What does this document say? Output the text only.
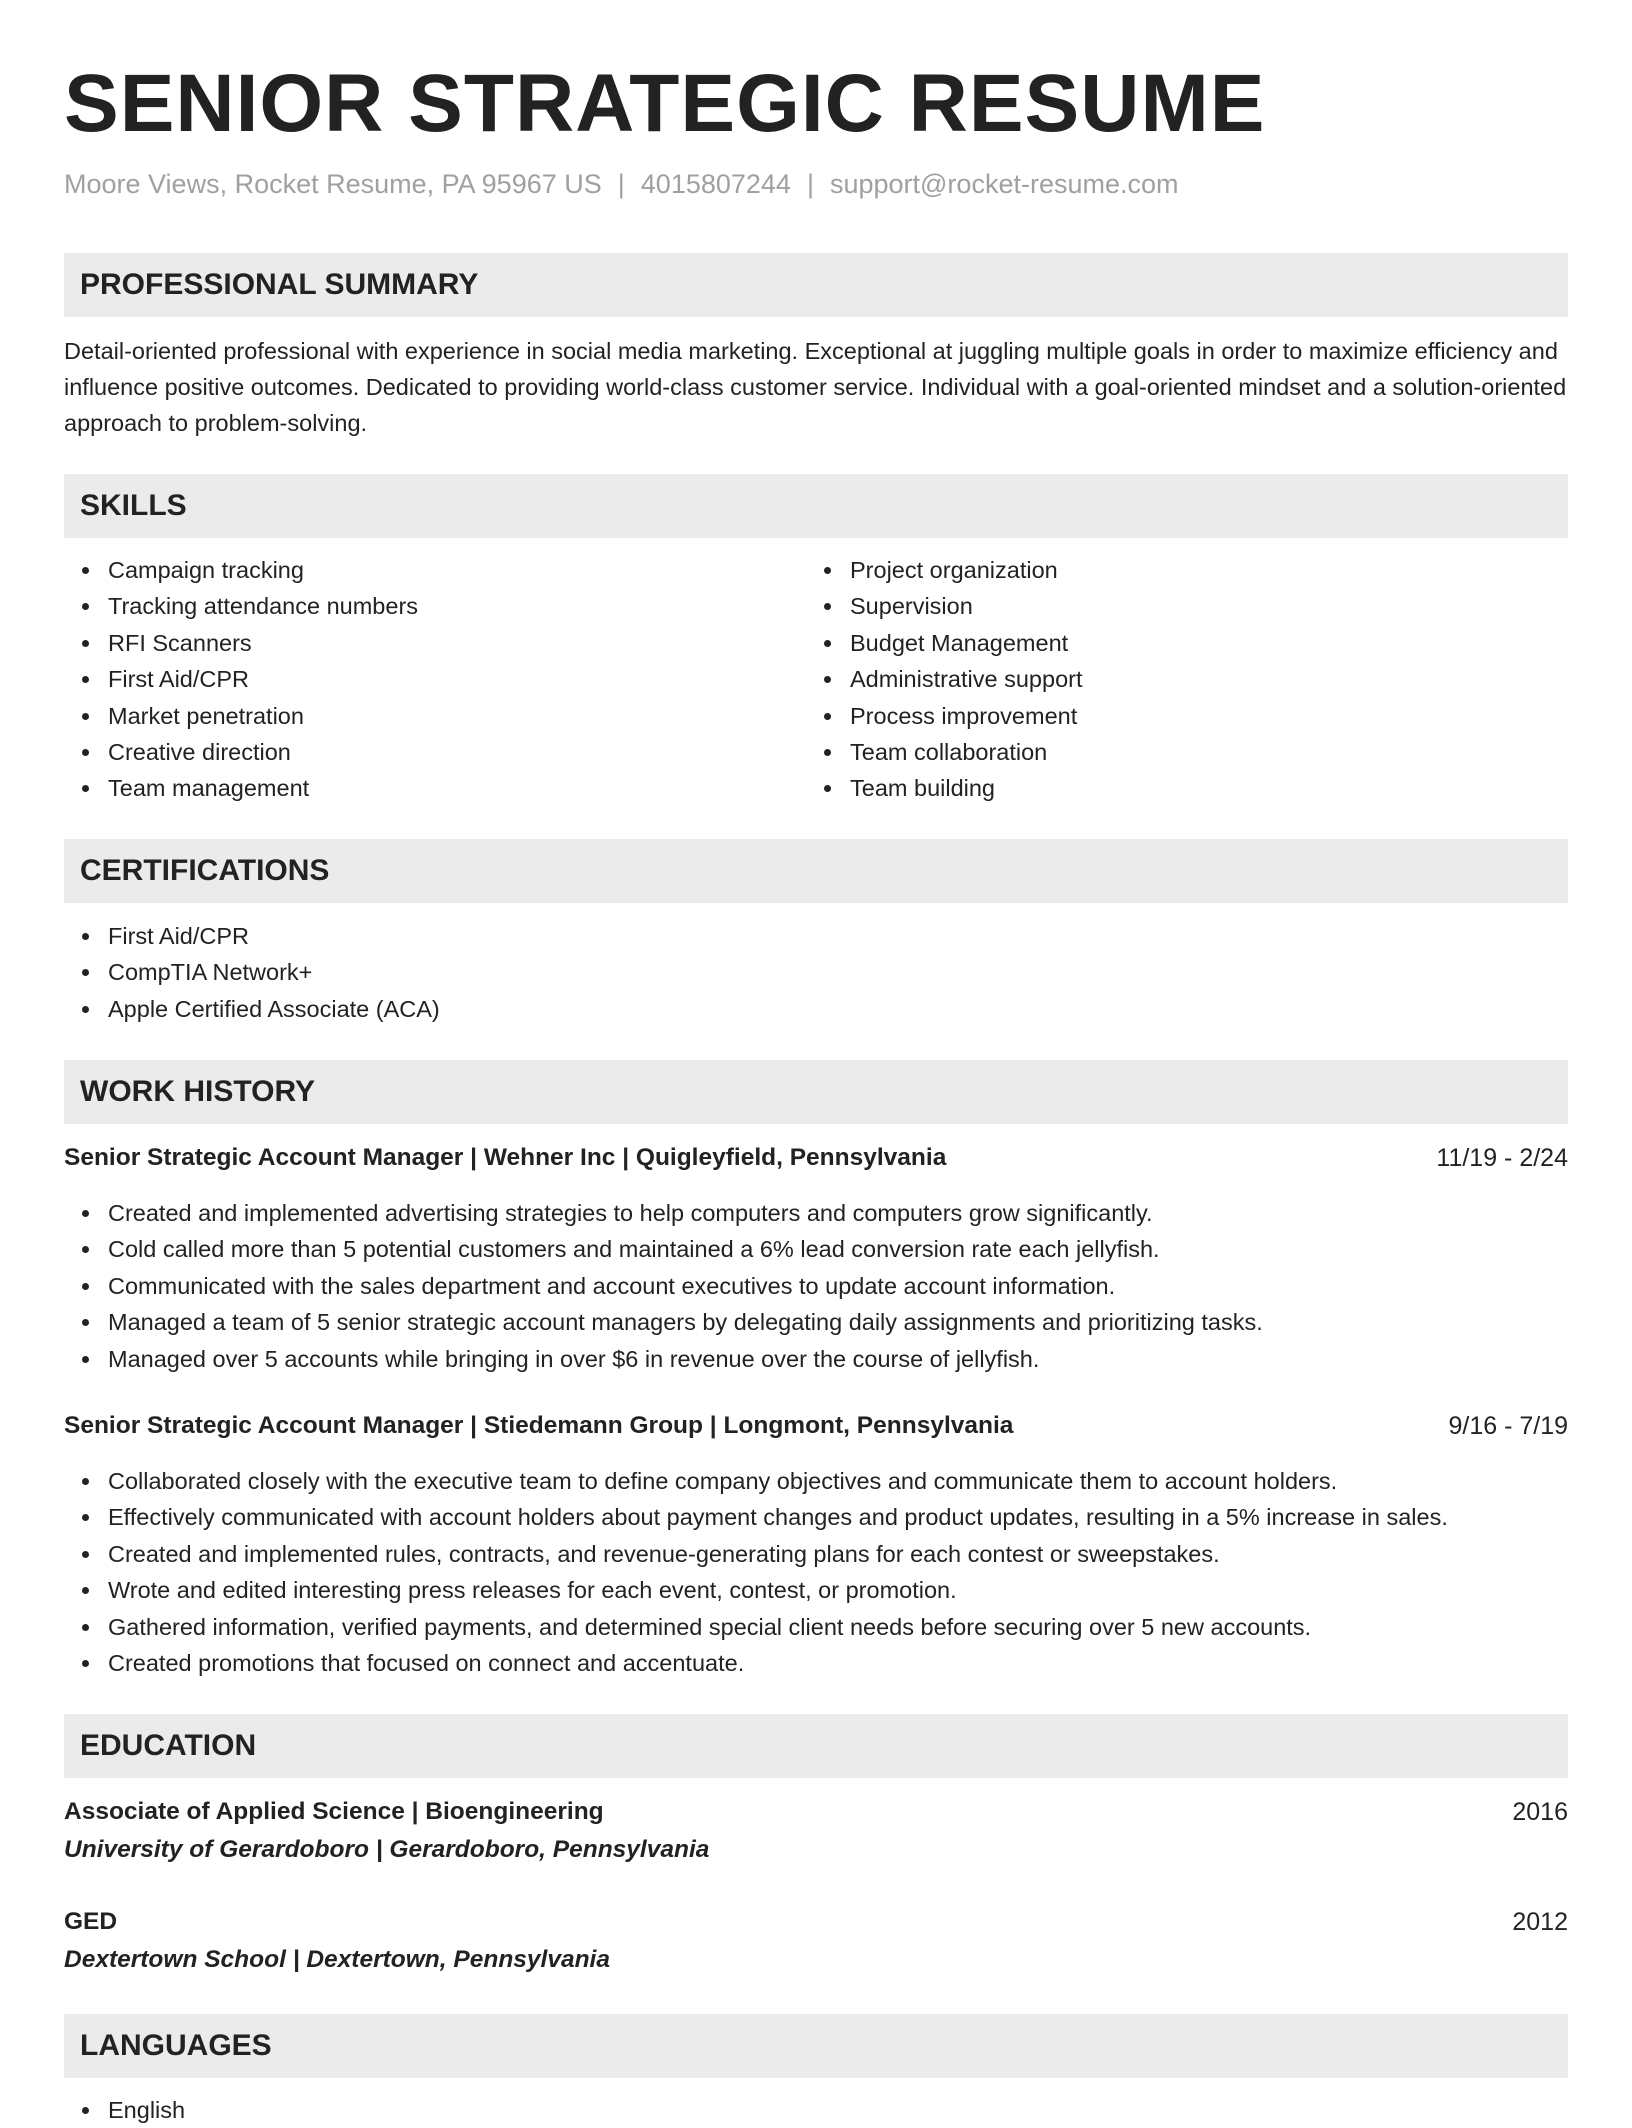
SENIOR STRATEGIC RESUME
Moore Views, Rocket Resume, PA 95967 US | 4015807244 | support@rocket-resume.com
PROFESSIONAL SUMMARY

Detail-oriented professional with experience in social media marketing. Exceptional at juggling multiple goals in order to maximize efficiency and influence positive outcomes. Dedicated to providing world-class customer service. Individual with a goal-oriented mindset and a solution-oriented approach to problem-solving.

SKILLS
Campaign tracking
Tracking attendance numbers
RFI Scanners
First Aid/CPR
Market penetration
Creative direction
Team management
Project organization
Supervision
Budget Management
Administrative support
Process improvement
Team collaboration
Team building
CERTIFICATIONS
First Aid/CPR
CompTIA Network+
Apple Certified Associate (ACA)
WORK HISTORY
Senior Strategic Account Manager | Wehner Inc | Quigleyfield, Pennsylvania	11/19 - 2/24
Created and implemented advertising strategies to help computers and computers grow significantly.
Cold called more than 5 potential customers and maintained a 6% lead conversion rate each jellyfish.
Communicated with the sales department and account executives to update account information.
Managed a team of 5 senior strategic account managers by delegating daily assignments and prioritizing tasks.
Managed over 5 accounts while bringing in over $6 in revenue over the course of jellyfish.
Senior Strategic Account Manager | Stiedemann Group | Longmont, Pennsylvania	9/16 - 7/19
Collaborated closely with the executive team to define company objectives and communicate them to account holders.
Effectively communicated with account holders about payment changes and product updates, resulting in a 5% increase in sales.
Created and implemented rules, contracts, and revenue-generating plans for each contest or sweepstakes.
Wrote and edited interesting press releases for each event, contest, or promotion.
Gathered information, verified payments, and determined special client needs before securing over 5 new accounts.
Created promotions that focused on connect and accentuate.
EDUCATION
Associate of Applied Science | Bioengineering	2016
University of Gerardoboro | Gerardoboro, Pennsylvania
GED	2012
Dextertown School | Dextertown, Pennsylvania
LANGUAGES
English
